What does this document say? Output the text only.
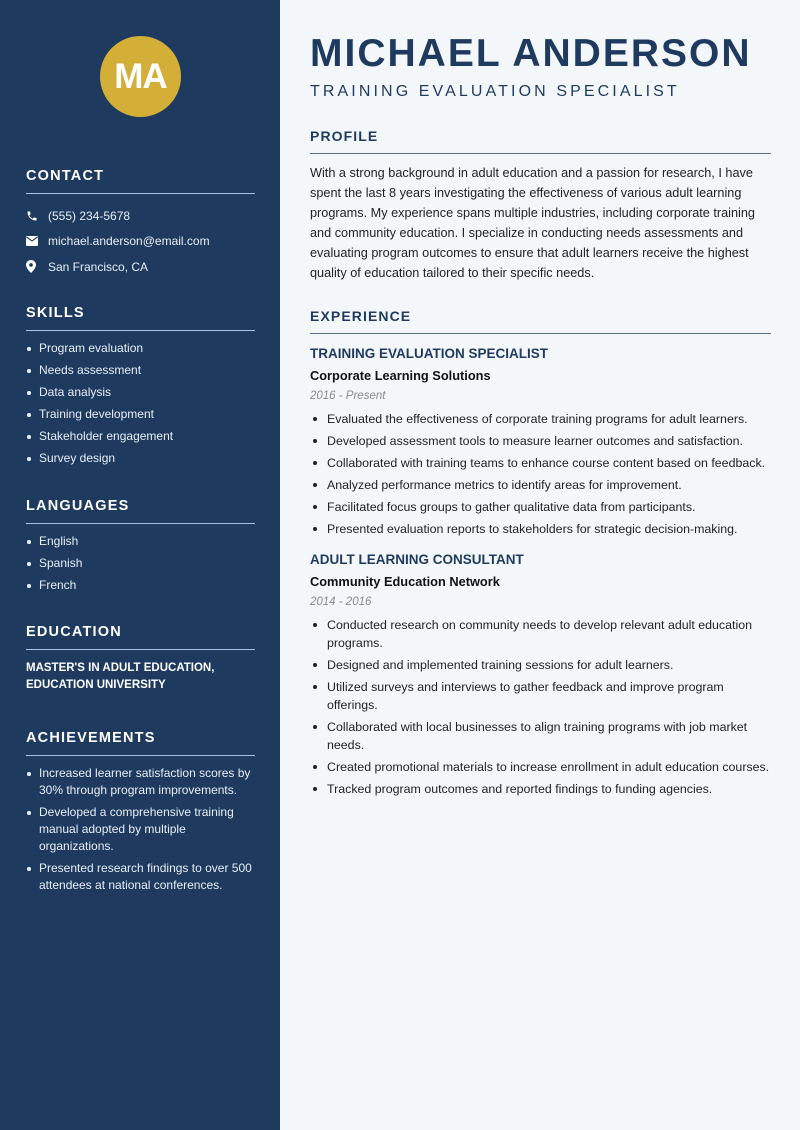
MA
CONTACT
(555) 234-5678
michael.anderson@email.com
San Francisco, CA
SKILLS
Program evaluation
Needs assessment
Data analysis
Training development
Stakeholder engagement
Survey design
LANGUAGES
English
Spanish
French
EDUCATION

MASTER'S IN ADULT EDUCATION, EDUCATION UNIVERSITY

ACHIEVEMENTS
Increased learner satisfaction scores by 30% through program improvements.
Developed a comprehensive training manual adopted by multiple organizations.
Presented research findings to over 500 attendees at national conferences.
MICHAEL ANDERSON
TRAINING EVALUATION SPECIALIST
PROFILE

With a strong background in adult education and a passion for research, I have spent the last 8 years investigating the effectiveness of various adult learning programs. My experience spans multiple industries, including corporate training and community education. I specialize in conducting needs assessments and evaluating program outcomes to ensure that adult learners receive the highest quality of education tailored to their specific needs.

EXPERIENCE
TRAINING EVALUATION SPECIALIST
Corporate Learning Solutions
2016 - Present
Evaluated the effectiveness of corporate training programs for adult learners.
Developed assessment tools to measure learner outcomes and satisfaction.
Collaborated with training teams to enhance course content based on feedback.
Analyzed performance metrics to identify areas for improvement.
Facilitated focus groups to gather qualitative data from participants.
Presented evaluation reports to stakeholders for strategic decision-making.
ADULT LEARNING CONSULTANT
Community Education Network
2014 - 2016
Conducted research on community needs to develop relevant adult education programs.
Designed and implemented training sessions for adult learners.
Utilized surveys and interviews to gather feedback and improve program offerings.
Collaborated with local businesses to align training programs with job market needs.
Created promotional materials to increase enrollment in adult education courses.
Tracked program outcomes and reported findings to funding agencies.
